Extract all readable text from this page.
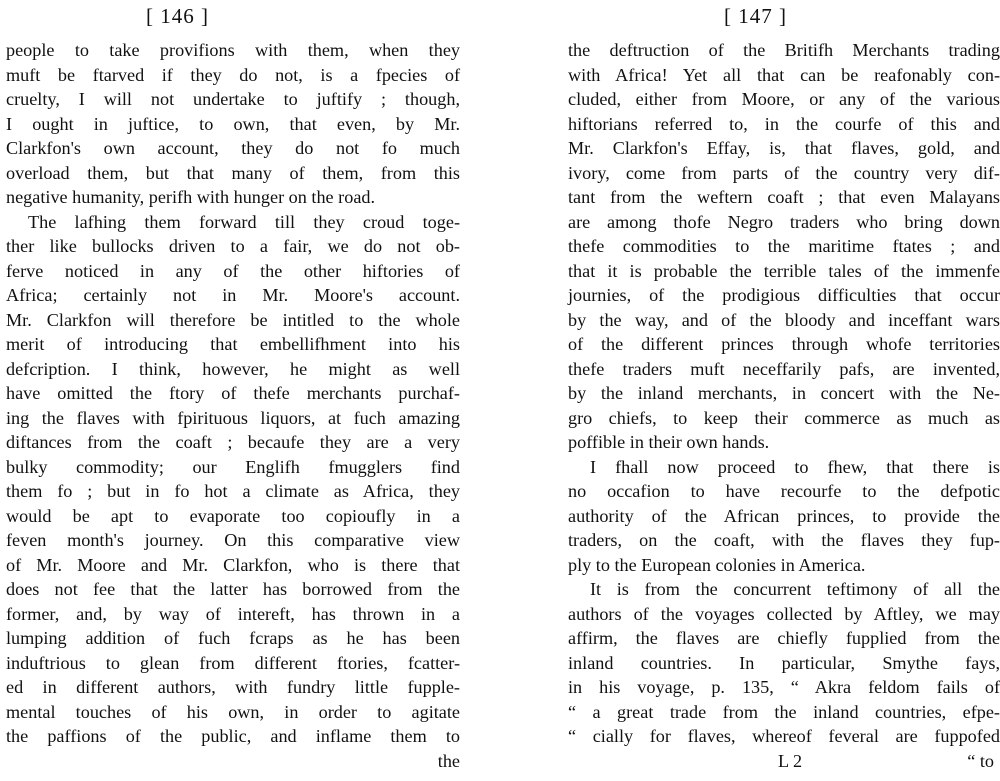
[ 146 ]
people to take provifions with them, when they
muft be ftarved if they do not, is a fpecies of
cruelty, I will not undertake to juftify ; though,
I ought in juftice, to own, that even, by Mr.
Clarkfon's own account, they do not fo much
overload them, but that many of them, from this
negative humanity, perifh with hunger on the road.
The lafhing them forward till they croud toge-
ther like bullocks driven to a fair, we do not ob-
ferve noticed in any of the other hiftories of
Africa; certainly not in Mr. Moore's account.
Mr. Clarkfon will therefore be intitled to the whole
merit of introducing that embellifhment into his
defcription. I think, however, he might as well
have omitted the ftory of thefe merchants purchaf-
ing the flaves with fpirituous liquors, at fuch amazing
diftances from the coaft ; becaufe they are a very
bulky commodity; our Englifh fmugglers find
them fo ; but in fo hot a climate as Africa, they
would be apt to evaporate too copioufly in a
feven month's journey. On this comparative view
of Mr. Moore and Mr. Clarkfon, who is there that
does not fee that the latter has borrowed from the
former, and, by way of intereft, has thrown in a
lumping addition of fuch fcraps as he has been
induftrious to glean from different ftories, fcatter-
ed in different authors, with fundry little fupple-
mental touches of his own, in order to agitate
the paffions of the public, and inflame them to
the
[ 147 ]
the deftruction of the Britifh Merchants trading
with Africa! Yet all that can be reafonably con-
cluded, either from Moore, or any of the various
hiftorians referred to, in the courfe of this and
Mr. Clarkfon's Effay, is, that flaves, gold, and
ivory, come from parts of the country very dif-
tant from the weftern coaft ; that even Malayans
are among thofe Negro traders who bring down
thefe commodities to the maritime ftates ; and
that it is probable the terrible tales of the immenfe
journies, of the prodigious difficulties that occur
by the way, and of the bloody and inceffant wars
of the different princes through whofe territories
thefe traders muft neceffarily pafs, are invented,
by the inland merchants, in concert with the Ne-
gro chiefs, to keep their commerce as much as
poffible in their own hands.
I fhall now proceed to fhew, that there is
no occafion to have recourfe to the defpotic
authority of the African princes, to provide the
traders, on the coaft, with the flaves they fup-
ply to the European colonies in America.
It is from the concurrent teftimony of all the
authors of the voyages collected by Aftley, we may
affirm, the flaves are chiefly fupplied from the
inland countries. In particular, Smythe fays,
in his voyage, p. 135, “ Akra feldom fails of
“ a great trade from the inland countries, efpe-
“ cially for flaves, whereof feveral are fuppofed
L 2	“ to
